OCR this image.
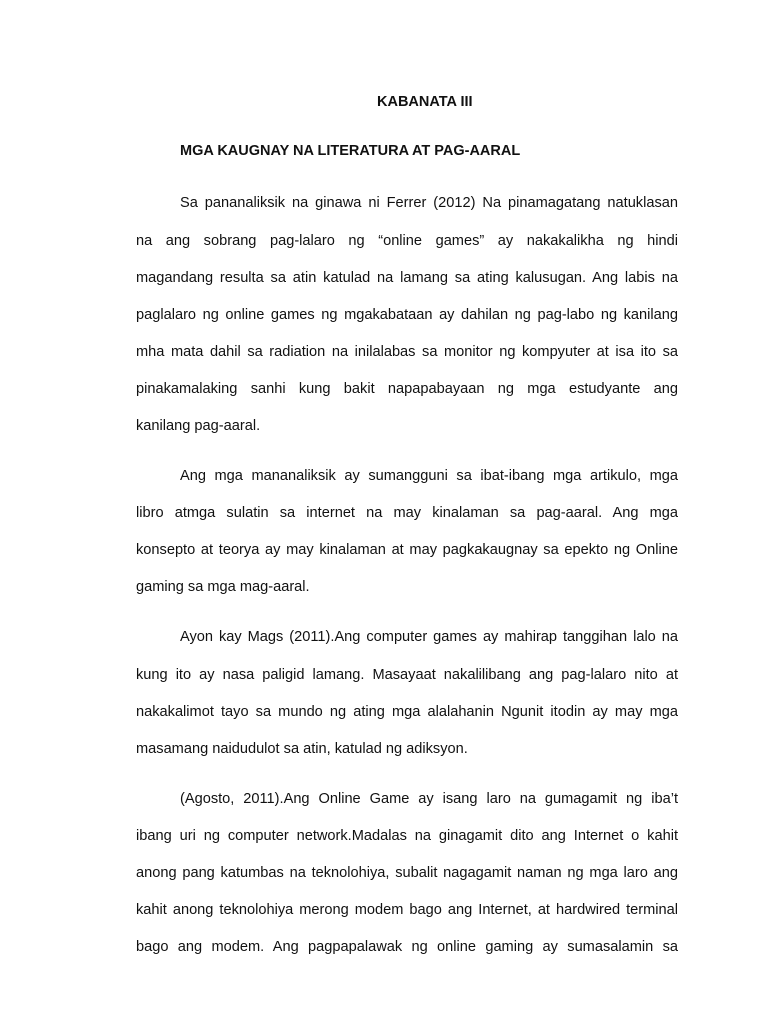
KABANATA III
MGA KAUGNAY NA LITERATURA AT PAG-AARAL
Sa pananaliksik na ginawa ni Ferrer (2012) Na pinamagatang natuklasan
na ang sobrang pag-lalaro ng “online games” ay nakakalikha ng hindi
magandang resulta sa atin katulad na lamang sa ating kalusugan. Ang labis na
paglalaro ng online games ng mgakabataan ay dahilan ng pag-labo ng kanilang
mha mata dahil sa radiation na inilalabas sa monitor ng kompyuter at isa ito sa
pinakamalaking sanhi kung bakit napapabayaan ng mga estudyante ang
kanilang pag-aaral.
Ang mga mananaliksik ay sumangguni sa ibat-ibang mga artikulo, mga
libro atmga sulatin sa internet na may kinalaman sa pag-aaral. Ang mga
konsepto at teorya ay may kinalaman at may pagkakaugnay sa epekto ng Online
gaming sa mga mag-aaral.
Ayon kay Mags (2011).Ang computer games ay mahirap tanggihan lalo na
kung ito ay nasa paligid lamang. Masayaat nakalilibang ang pag-lalaro nito at
nakakalimot tayo sa mundo ng ating mga alalahanin Ngunit itodin ay may mga
masamang naidudulot sa atin, katulad ng adiksyon.
(Agosto, 2011).Ang Online Game ay isang laro na gumagamit ng iba’t
ibang uri ng computer network.Madalas na ginagamit dito ang Internet o kahit
anong pang katumbas na teknolohiya, subalit nagagamit naman ng mga laro ang
kahit anong teknolohiya merong modem bago ang Internet, at hardwired terminal
bago ang modem. Ang pagpapalawak ng online gaming ay sumasalamin sa
